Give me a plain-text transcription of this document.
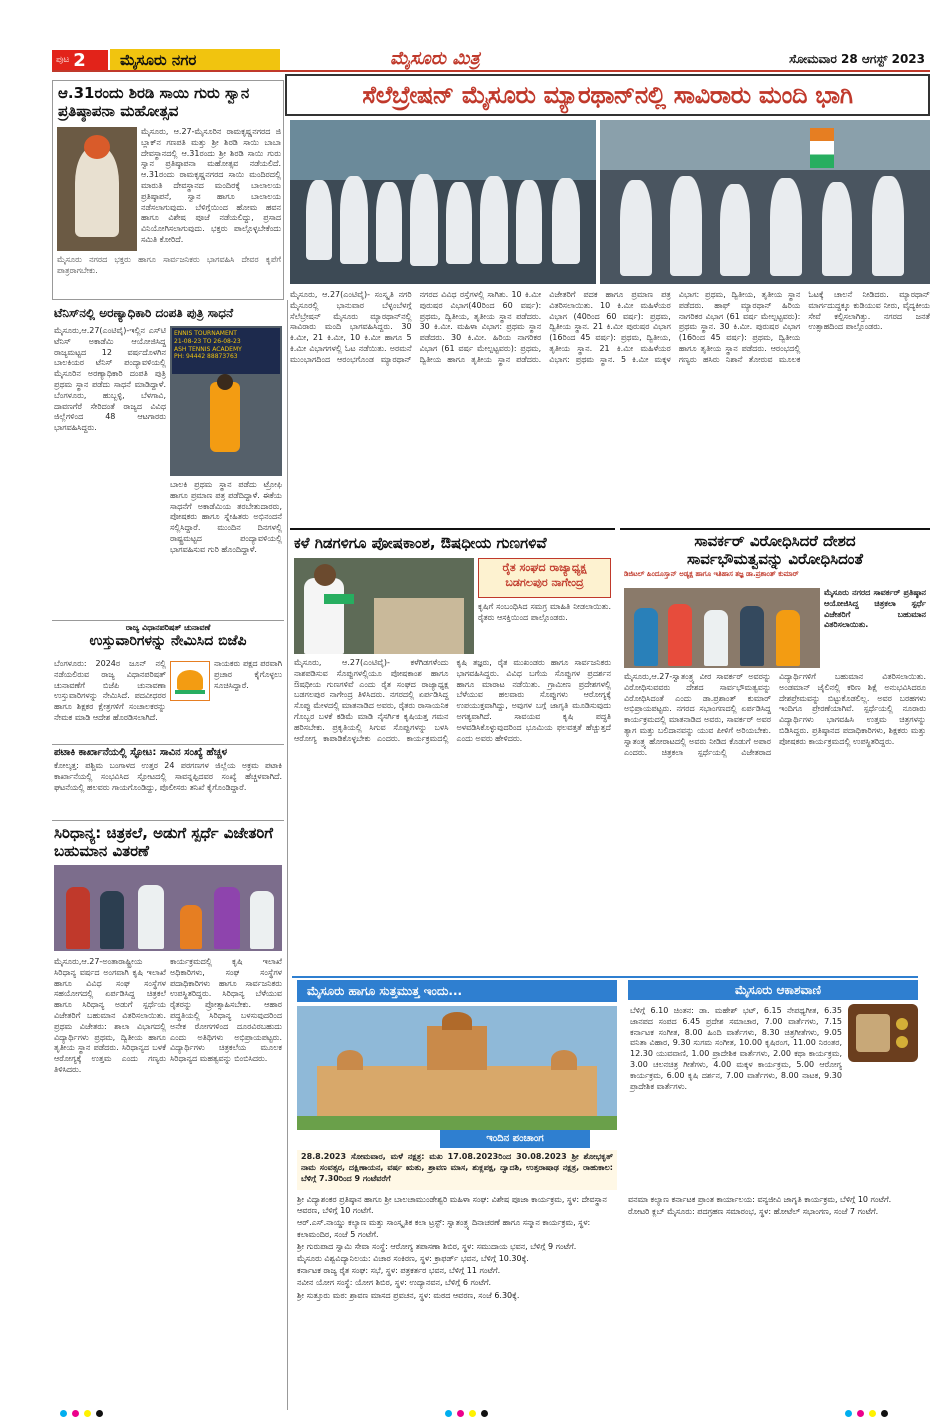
ಪುಟ 2	ಮೈಸೂರು ನಗರ	ಮೈಸೂರು ಮಿತ್ರ	ಸೋಮವಾರ 28 ಆಗಸ್ಟ್ 2023
ಆ.31ರಂದು ಶಿರಡಿ ಸಾಯಿ ಗುರು ಸ್ವಾನ ಪ್ರತಿಷ್ಠಾಪನಾ ಮಹೋತ್ಸವ
ಮೈಸೂರು, ಆ.27-ಮೈಸೂರಿನ ರಾಮಕೃಷ್ಣನಗರದ ಜಿ ಬ್ಲಾಕ್‌ನ ಗಣಪತಿ ಮತ್ತು ಶ್ರೀ ಶಿರಡಿ ಸಾಯಿ ಬಾಬಾ ದೇವಸ್ಥಾನದಲ್ಲಿ ಆ.31ರಂದು ಶ್ರೀ ಶಿರಡಿ ಸಾಯಿ ಗುರು ಸ್ವಾನ ಪ್ರತಿಷ್ಠಾಪನಾ ಮಹೋತ್ಸವ ನಡೆಯಲಿದೆ. ಆ.31ರಂದು ರಾಮಕೃಷ್ಣನಗರದ ಸಾಯಿ ಮಂದಿರದಲ್ಲಿ ಮಾರುತಿ ದೇವಸ್ಥಾನದ ಮಂದಿರಕ್ಕೆ ಬಾಲಾಲಯ ಪ್ರತಿಷ್ಠಾಪನೆ, ಸ್ವಾನ ಹಾಗೂ ಬಾಲಾಲಯ ನಡೆಸಲಾಗುವುದು. ಬೆಳಿಗ್ಗೆಯಿಂದ ಹೋಮ ಹವನ ಹಾಗೂ ವಿಶೇಷ ಪೂಜೆ ನಡೆಯಲಿದ್ದು, ಪ್ರಸಾದ ವಿನಿಯೋಗಿಸಲಾಗುವುದು. ಭಕ್ತರು ಪಾಲ್ಗೊಳ್ಳಬೇಕೆಂದು ಸಮಿತಿ ಕೋರಿದೆ.
ಮೈಸೂರು ನಗರದ ಭಕ್ತರು ಹಾಗೂ ಸಾರ್ವಜನಿಕರು ಭಾಗವಹಿಸಿ ದೇವರ ಕೃಪೆಗೆ ಪಾತ್ರರಾಗಬೇಕು.
ಟೆನಿಸ್‌ನಲ್ಲಿ ಅರಣ್ಯಾಧಿಕಾರಿ ದಂಪತಿ ಪುತ್ರಿ ಸಾಧನೆ
ಮೈಸೂರು,ಆ.27(ಎಂಟಿವೈ)-ಇಲ್ಲಿನ ಎಸ್‌ಟಿ ಟೆನಿಸ್ ಅಕಾಡೆಮಿ ಆಯೋಜಿಸಿದ್ದ ರಾಜ್ಯಮಟ್ಟದ 12 ವರ್ಷದೊಳಗಿನ ಬಾಲಕಿಯರ ಟೆನಿಸ್ ಪಂದ್ಯಾವಳಿಯಲ್ಲಿ ಮೈಸೂರಿನ ಅರಣ್ಯಾಧಿಕಾರಿ ದಂಪತಿ ಪುತ್ರಿ ಪ್ರಥಮ ಸ್ಥಾನ ಪಡೆದು ಸಾಧನೆ ಮಾಡಿದ್ದಾಳೆ. ಬೆಂಗಳೂರು, ಹುಬ್ಬಳ್ಳಿ, ಬೆಳಗಾವಿ, ದಾವಣಗೆರೆ ಸೇರಿದಂತೆ ರಾಜ್ಯದ ವಿವಿಧ ಜಿಲ್ಲೆಗಳಿಂದ 48 ಆಟಗಾರರು ಭಾಗವಹಿಸಿದ್ದರು.
ENNIS TOURNAMENT
21-08-23 TO 26-08-23
ASH TENNIS ACADEMY
PH: 94442 88873763
ಬಾಲಕಿ ಪ್ರಥಮ ಸ್ಥಾನ ಪಡೆದು ಟ್ರೋಫಿ ಹಾಗೂ ಪ್ರಮಾಣ ಪತ್ರ ಪಡೆದಿದ್ದಾಳೆ. ಈಕೆಯ ಸಾಧನೆಗೆ ಅಕಾಡೆಮಿಯ ತರಬೇತುದಾರರು, ಪೋಷಕರು ಹಾಗೂ ಸ್ನೇಹಿತರು ಅಭಿನಂದನೆ ಸಲ್ಲಿಸಿದ್ದಾರೆ. ಮುಂದಿನ ದಿನಗಳಲ್ಲಿ ರಾಷ್ಟ್ರಮಟ್ಟದ ಪಂದ್ಯಾವಳಿಯಲ್ಲಿ ಭಾಗವಹಿಸುವ ಗುರಿ ಹೊಂದಿದ್ದಾಳೆ.
ರಾಜ್ಯ ವಿಧಾನಪರಿಷತ್ ಚುನಾವಣೆ
ಉಸ್ತುವಾರಿಗಳನ್ನು ನೇಮಿಸಿದ ಬಿಜೆಪಿ
ಬೆಂಗಳೂರು: 2024ರ ಜೂನ್ ನಲ್ಲಿ ನಡೆಯಲಿರುವ ರಾಜ್ಯ ವಿಧಾನಪರಿಷತ್ ಚುನಾವಣೆಗೆ ಬಿಜೆಪಿ ಚುನಾವಣಾ ಉಸ್ತುವಾರಿಗಳನ್ನು ನೇಮಿಸಿದೆ. ಪದವೀಧರರ ಹಾಗೂ ಶಿಕ್ಷಕರ ಕ್ಷೇತ್ರಗಳಿಗೆ ಸಂಚಾಲಕರನ್ನು ನೇಮಕ ಮಾಡಿ ಆದೇಶ ಹೊರಡಿಸಲಾಗಿದೆ.
ನಾಯಕರು ಪಕ್ಷದ ಪರವಾಗಿ ಪ್ರಚಾರ ಕೈಗೊಳ್ಳಲು ಸೂಚಿಸಿದ್ದಾರೆ.
ಪಟಾಕಿ ಕಾರ್ಖಾನೆಯಲ್ಲಿ ಸ್ಫೋಟ: ಸಾವಿನ ಸಂಖ್ಯೆ ಹೆಚ್ಚಳ
ಕೋಲ್ಕತ್ತ: ಪಶ್ಚಿಮ ಬಂಗಾಳದ ಉತ್ತರ 24 ಪರಗಣಗಳ ಜಿಲ್ಲೆಯ ಅಕ್ರಮ ಪಟಾಕಿ ಕಾರ್ಖಾನೆಯಲ್ಲಿ ಸಂಭವಿಸಿದ ಸ್ಫೋಟದಲ್ಲಿ ಸಾವನ್ನಪ್ಪಿದವರ ಸಂಖ್ಯೆ ಹೆಚ್ಚಳವಾಗಿದೆ. ಘಟನೆಯಲ್ಲಿ ಹಲವರು ಗಾಯಗೊಂಡಿದ್ದು, ಪೊಲೀಸರು ತನಿಖೆ ಕೈಗೊಂಡಿದ್ದಾರೆ.
ಸಿರಿಧಾನ್ಯ: ಚಿತ್ರಕಲೆ, ಅಡುಗೆ ಸ್ಪರ್ಧೆ ವಿಜೇತರಿಗೆ ಬಹುಮಾನ ವಿತರಣೆ
ಮೈಸೂರು,ಆ.27-ಅಂತಾರಾಷ್ಟ್ರೀಯ ಸಿರಿಧಾನ್ಯ ವರ್ಷದ ಅಂಗವಾಗಿ ಕೃಷಿ ಇಲಾಖೆ ಹಾಗೂ ವಿವಿಧ ಸಂಘ ಸಂಸ್ಥೆಗಳ ಸಹಯೋಗದಲ್ಲಿ ಏರ್ಪಡಿಸಿದ್ದ ಚಿತ್ರಕಲೆ ಹಾಗೂ ಸಿರಿಧಾನ್ಯ ಅಡುಗೆ ಸ್ಪರ್ಧೆಯ ವಿಜೇತರಿಗೆ ಬಹುಮಾನ ವಿತರಿಸಲಾಯಿತು. ಪ್ರಥಮ ವಿಜೇತರು: ಶಾಲಾ ವಿಭಾಗದಲ್ಲಿ ವಿದ್ಯಾರ್ಥಿಗಳು ಪ್ರಥಮ, ದ್ವಿತೀಯ ಹಾಗೂ ತೃತೀಯ ಸ್ಥಾನ ಪಡೆದರು. ಸಿರಿಧಾನ್ಯದ ಬಳಕೆ ಆರೋಗ್ಯಕ್ಕೆ ಉತ್ತಮ ಎಂದು ಗಣ್ಯರು ತಿಳಿಸಿದರು.
ಕಾರ್ಯಕ್ರಮದಲ್ಲಿ ಕೃಷಿ ಇಲಾಖೆ ಅಧಿಕಾರಿಗಳು, ಸಂಘ ಸಂಸ್ಥೆಗಳ ಪದಾಧಿಕಾರಿಗಳು ಹಾಗೂ ಸಾರ್ವಜನಿಕರು ಉಪಸ್ಥಿತರಿದ್ದರು. ಸಿರಿಧಾನ್ಯ ಬೆಳೆಯುವ ರೈತರನ್ನು ಪ್ರೋತ್ಸಾಹಿಸಬೇಕು. ಆಹಾರ ಪದ್ಧತಿಯಲ್ಲಿ ಸಿರಿಧಾನ್ಯ ಬಳಸುವುದರಿಂದ ಅನೇಕ ರೋಗಗಳಿಂದ ದೂರವಿರಬಹುದು ಎಂದು ಅತಿಥಿಗಳು ಅಭಿಪ್ರಾಯಪಟ್ಟರು. ವಿದ್ಯಾರ್ಥಿಗಳು ಚಿತ್ರಕಲೆಯ ಮೂಲಕ ಸಿರಿಧಾನ್ಯದ ಮಹತ್ವವನ್ನು ಬಿಂಬಿಸಿದರು.
ಸೆಲೆಬ್ರೇಷನ್ ಮೈಸೂರು ಮ್ಯಾರಥಾನ್‌ನಲ್ಲಿ ಸಾವಿರಾರು ಮಂದಿ ಭಾಗಿ
ಮೈಸೂರು, ಆ.27(ಎಂಟಿವೈ)- ಸಂಸ್ಕೃತಿ ನಗರಿ ಮೈಸೂರಲ್ಲಿ ಭಾನುವಾರ ಬೆಳ್ಳಂಬೆಳಗ್ಗೆ ಸೆಲೆಬ್ರೇಷನ್ ಮೈಸೂರು ಮ್ಯಾರಥಾನ್‌ನಲ್ಲಿ ಸಾವಿರಾರು ಮಂದಿ ಭಾಗವಹಿಸಿದ್ದರು. 30 ಕಿ.ಮೀ, 21 ಕಿ.ಮೀ, 10 ಕಿ.ಮೀ ಹಾಗೂ 5 ಕಿ.ಮೀ ವಿಭಾಗಗಳಲ್ಲಿ ಓಟ ನಡೆಯಿತು. ಅರಮನೆ ಮುಂಭಾಗದಿಂದ ಆರಂಭಗೊಂಡ ಮ್ಯಾರಥಾನ್ ನಗರದ ವಿವಿಧ ರಸ್ತೆಗಳಲ್ಲಿ ಸಾಗಿತು. 10 ಕಿ.ಮೀ ಪುರುಷರ ವಿಭಾಗ(40ರಿಂದ 60 ವರ್ಷ): ಪ್ರಥಮ, ದ್ವಿತೀಯ, ತೃತೀಯ ಸ್ಥಾನ ಪಡೆದರು. 30 ಕಿ.ಮೀ. ಮಹಿಳಾ ವಿಭಾಗ: ಪ್ರಥಮ ಸ್ಥಾನ ಪಡೆದರು. 30 ಕಿ.ಮೀ. ಹಿರಿಯ ನಾಗರಿಕರ ವಿಭಾಗ (61 ವರ್ಷ ಮೇಲ್ಪಟ್ಟವರು): ಪ್ರಥಮ, ದ್ವಿತೀಯ ಹಾಗೂ ತೃತೀಯ ಸ್ಥಾನ ಪಡೆದರು. ವಿಜೇತರಿಗೆ ಪದಕ ಹಾಗೂ ಪ್ರಮಾಣ ಪತ್ರ ವಿತರಿಸಲಾಯಿತು. 10 ಕಿ.ಮೀ ಮಹಿಳೆಯರ ವಿಭಾಗ (40ರಿಂದ 60 ವರ್ಷ): ಪ್ರಥಮ, ದ್ವಿತೀಯ ಸ್ಥಾನ. 21 ಕಿ.ಮೀ ಪುರುಷರ ವಿಭಾಗ (16ರಿಂದ 45 ವರ್ಷ): ಪ್ರಥಮ, ದ್ವಿತೀಯ, ತೃತೀಯ ಸ್ಥಾನ. 21 ಕಿ.ಮೀ ಮಹಿಳೆಯರ ವಿಭಾಗ: ಪ್ರಥಮ ಸ್ಥಾನ. 5 ಕಿ.ಮೀ ಮಕ್ಕಳ ವಿಭಾಗ: ಪ್ರಥಮ, ದ್ವಿತೀಯ, ತೃತೀಯ ಸ್ಥಾನ ಪಡೆದರು. ಹಾಫ್ ಮ್ಯಾರಥಾನ್ ಹಿರಿಯ ನಾಗರಿಕರ ವಿಭಾಗ (61 ವರ್ಷ ಮೇಲ್ಪಟ್ಟವರು): ಪ್ರಥಮ ಸ್ಥಾನ. 30 ಕಿ.ಮೀ. ಪುರುಷರ ವಿಭಾಗ (16ರಿಂದ 45 ವರ್ಷ): ಪ್ರಥಮ, ದ್ವಿತೀಯ ಹಾಗೂ ತೃತೀಯ ಸ್ಥಾನ ಪಡೆದರು. ಆರಂಭದಲ್ಲಿ ಗಣ್ಯರು ಹಸಿರು ನಿಶಾನೆ ತೋರುವ ಮೂಲಕ ಓಟಕ್ಕೆ ಚಾಲನೆ ನೀಡಿದರು. ಮ್ಯಾರಥಾನ್ ಮಾರ್ಗದುದ್ದಕ್ಕೂ ಕುಡಿಯುವ ನೀರು, ವೈದ್ಯಕೀಯ ಸೇವೆ ಕಲ್ಪಿಸಲಾಗಿತ್ತು. ನಗರದ ಜನತೆ ಉತ್ಸಾಹದಿಂದ ಪಾಲ್ಗೊಂಡರು.
ಕಳೆ ಗಿಡಗಳಿಗೂ ಪೋಷಕಾಂಶ, ಔಷಧೀಯ ಗುಣಗಳಿವೆ
ರೈತ ಸಂಘದ ರಾಜ್ಯಾಧ್ಯಕ್ಷ ಬಡಗಲಪುರ ನಾಗೇಂದ್ರ
ಕೃಷಿಗೆ ಸಂಬಂಧಿಸಿದ ಸಮಗ್ರ ಮಾಹಿತಿ ನೀಡಲಾಯಿತು. ರೈತರು ಆಸಕ್ತಿಯಿಂದ ಪಾಲ್ಗೊಂಡರು.
ಮೈಸೂರು, ಆ.27(ಎಂಟಿವೈ)- ಕಳೆಗಿಡಗಳೆಂದು ನಾಶಪಡಿಸುವ ಸೊಪ್ಪುಗಳಲ್ಲಿಯೂ ಪೋಷಕಾಂಶ ಹಾಗೂ ಔಷಧೀಯ ಗುಣಗಳಿವೆ ಎಂದು ರೈತ ಸಂಘದ ರಾಜ್ಯಾಧ್ಯಕ್ಷ ಬಡಗಲಪುರ ನಾಗೇಂದ್ರ ತಿಳಿಸಿದರು. ನಗರದಲ್ಲಿ ಏರ್ಪಡಿಸಿದ್ದ ಸೊಪ್ಪು ಮೇಳದಲ್ಲಿ ಮಾತನಾಡಿದ ಅವರು, ರೈತರು ರಾಸಾಯನಿಕ ಗೊಬ್ಬರ ಬಳಕೆ ಕಡಿಮೆ ಮಾಡಿ ನೈಸರ್ಗಿಕ ಕೃಷಿಯತ್ತ ಗಮನ ಹರಿಸಬೇಕು. ಪ್ರಕೃತಿಯಲ್ಲಿ ಸಿಗುವ ಸೊಪ್ಪುಗಳನ್ನು ಬಳಸಿ ಆರೋಗ್ಯ ಕಾಪಾಡಿಕೊಳ್ಳಬೇಕು ಎಂದರು. ಕಾರ್ಯಕ್ರಮದಲ್ಲಿ ಕೃಷಿ ತಜ್ಞರು, ರೈತ ಮುಖಂಡರು ಹಾಗೂ ಸಾರ್ವಜನಿಕರು ಭಾಗವಹಿಸಿದ್ದರು. ವಿವಿಧ ಬಗೆಯ ಸೊಪ್ಪುಗಳ ಪ್ರದರ್ಶನ ಹಾಗೂ ಮಾರಾಟ ನಡೆಯಿತು. ಗ್ರಾಮೀಣ ಪ್ರದೇಶಗಳಲ್ಲಿ ಬೆಳೆಯುವ ಹಲವಾರು ಸೊಪ್ಪುಗಳು ಆರೋಗ್ಯಕ್ಕೆ ಉಪಯುಕ್ತವಾಗಿದ್ದು, ಅವುಗಳ ಬಗ್ಗೆ ಜಾಗೃತಿ ಮೂಡಿಸುವುದು ಅಗತ್ಯವಾಗಿದೆ. ಸಾವಯವ ಕೃಷಿ ಪದ್ಧತಿ ಅಳವಡಿಸಿಕೊಳ್ಳುವುದರಿಂದ ಭೂಮಿಯ ಫಲವತ್ತತೆ ಹೆಚ್ಚುತ್ತದೆ ಎಂದು ಅವರು ಹೇಳಿದರು.
ಸಾವರ್ಕರ್ ವಿರೋಧಿಸಿದರೆ ದೇಶದ
ಸಾರ್ವಭೌಮತ್ವವನ್ನು ವಿರೋಧಿಸಿದಂತೆ
ಡಿಜಿಟಲ್ ಹಿಂದೂಸ್ತಾನ್ ಅಡ್ಯಕ್ಷ ಹಾಗೂ ಇತಿಹಾಸ ತಜ್ಞ ಡಾ.ಪ್ರಶಾಂತ್ ಕುಮಾರ್
ಮೈಸೂರು ನಗರದ ಸಾವರ್ಕರ್ ಪ್ರತಿಷ್ಠಾನ ಆಯೋಜಿಸಿದ್ದ ಚಿತ್ರಕಲಾ ಸ್ಪರ್ಧೆ ವಿಜೇತರಿಗೆ ಬಹುಮಾನ ವಿತರಿಸಲಾಯಿತು.
ಮೈಸೂರು,ಆ.27-ಸ್ವಾತಂತ್ರ್ಯ ವೀರ ಸಾವರ್ಕರ್ ಅವರನ್ನು ವಿರೋಧಿಸುವವರು ದೇಶದ ಸಾರ್ವಭೌಮತ್ವವನ್ನು ವಿರೋಧಿಸಿದಂತೆ ಎಂದು ಡಾ.ಪ್ರಶಾಂತ್ ಕುಮಾರ್ ಅಭಿಪ್ರಾಯಪಟ್ಟರು. ನಗರದ ಸಭಾಂಗಣದಲ್ಲಿ ಏರ್ಪಡಿಸಿದ್ದ ಕಾರ್ಯಕ್ರಮದಲ್ಲಿ ಮಾತನಾಡಿದ ಅವರು, ಸಾವರ್ಕರ್ ಅವರ ತ್ಯಾಗ ಮತ್ತು ಬಲಿದಾನವನ್ನು ಯುವ ಪೀಳಿಗೆ ಅರಿಯಬೇಕು. ಸ್ವಾತಂತ್ರ್ಯ ಹೋರಾಟದಲ್ಲಿ ಅವರು ನೀಡಿದ ಕೊಡುಗೆ ಅಪಾರ ಎಂದರು. ಚಿತ್ರಕಲಾ ಸ್ಪರ್ಧೆಯಲ್ಲಿ ವಿಜೇತರಾದ ವಿದ್ಯಾರ್ಥಿಗಳಿಗೆ ಬಹುಮಾನ ವಿತರಿಸಲಾಯಿತು. ಅಂಡಮಾನ್ ಜೈಲಿನಲ್ಲಿ ಕಠಿಣ ಶಿಕ್ಷೆ ಅನುಭವಿಸಿದರೂ ದೇಶಪ್ರೇಮವನ್ನು ಬಿಟ್ಟುಕೊಡಲಿಲ್ಲ. ಅವರ ಬರಹಗಳು ಇಂದಿಗೂ ಪ್ರೇರಣೆಯಾಗಿವೆ. ಸ್ಪರ್ಧೆಯಲ್ಲಿ ನೂರಾರು ವಿದ್ಯಾರ್ಥಿಗಳು ಭಾಗವಹಿಸಿ ಉತ್ತಮ ಚಿತ್ರಗಳನ್ನು ಬಿಡಿಸಿದ್ದರು. ಪ್ರತಿಷ್ಠಾನದ ಪದಾಧಿಕಾರಿಗಳು, ಶಿಕ್ಷಕರು ಮತ್ತು ಪೋಷಕರು ಕಾರ್ಯಕ್ರಮದಲ್ಲಿ ಉಪಸ್ಥಿತರಿದ್ದರು.
ಮೈಸೂರು ಹಾಗೂ ಸುತ್ತಮುತ್ತ ಇಂದು...
ಇಂದಿನ ಪಂಚಾಂಗ
28.8.2023 ಸೋಮವಾರ, ಮಳೆ ನಕ್ಷತ್ರ: ಮಖ 17.08.2023ರಿಂದ 30.08.2023 ಶ್ರೀ ಶೋಭಕೃತ್ ನಾಮ ಸಂವತ್ಸರ, ದಕ್ಷಿಣಾಯನ, ವರ್ಷ ಋತು, ಶ್ರಾವಣ ಮಾಸ, ಶುಕ್ಲಪಕ್ಷ, ದ್ವಾದಶಿ, ಉತ್ತರಾಷಾಢ ನಕ್ಷತ್ರ, ರಾಹುಕಾಲ: ಬೆಳಿಗ್ಗೆ 7.30ರಿಂದ 9 ಗಂಟೆವರೆಗೆ
ಶ್ರೀ ವಿದ್ಯಾಶಂಕರ ಪ್ರತಿಷ್ಠಾನ ಹಾಗೂ ಶ್ರೀ ಬಾಲಚಾಮುಂಡೇಶ್ವರಿ ಮಹಿಳಾ ಸಂಘ: ವಿಶೇಷ ಪೂಜಾ ಕಾರ್ಯಕ್ರಮ, ಸ್ಥಳ: ದೇವಸ್ಥಾನ ಆವರಣ, ಬೆಳಿಗ್ಗೆ 10 ಗಂಟೆಗೆ.
ಆರ್.ಎಸ್.ನಾಯ್ಡು ಕಲ್ಯಾಣ ಮತ್ತು ಸಾಂಸ್ಕೃತಿಕ ಕಲಾ ಟ್ರಸ್ಟ್: ಸ್ವಾತಂತ್ರ್ಯ ದಿನಾಚರಣೆ ಹಾಗೂ ಸನ್ಮಾನ ಕಾರ್ಯಕ್ರಮ, ಸ್ಥಳ: ಕಲಾಮಂದಿರ, ಸಂಜೆ 5 ಗಂಟೆಗೆ.
ಶ್ರೀ ಗುರುಪಾದ ಸ್ವಾಮಿ ಸೇವಾ ಸಂಸ್ಥೆ: ಆರೋಗ್ಯ ತಪಾಸಣಾ ಶಿಬಿರ, ಸ್ಥಳ: ಸಮುದಾಯ ಭವನ, ಬೆಳಿಗ್ಗೆ 9 ಗಂಟೆಗೆ.
ಮೈಸೂರು ವಿಶ್ವವಿದ್ಯಾನಿಲಯ: ವಿಚಾರ ಸಂಕಿರಣ, ಸ್ಥಳ: ಕ್ರಾಫರ್ಡ್ ಭವನ, ಬೆಳಿಗ್ಗೆ 10.30ಕ್ಕೆ.
ಕರ್ನಾಟಕ ರಾಜ್ಯ ರೈತ ಸಂಘ: ಸಭೆ, ಸ್ಥಳ: ಪತ್ರಕರ್ತರ ಭವನ, ಬೆಳಿಗ್ಗೆ 11 ಗಂಟೆಗೆ.
ನವೀನ ಯೋಗ ಸಂಸ್ಥೆ: ಯೋಗ ಶಿಬಿರ, ಸ್ಥಳ: ಉದ್ಯಾನವನ, ಬೆಳಿಗ್ಗೆ 6 ಗಂಟೆಗೆ.
ಶ್ರೀ ಸುತ್ತೂರು ಮಠ: ಶ್ರಾವಣ ಮಾಸದ ಪ್ರವಚನ, ಸ್ಥಳ: ಮಠದ ಆವರಣ, ಸಂಜೆ 6.30ಕ್ಕೆ.
ಮೈಸೂರು ಆಕಾಶವಾಣಿ
ಬೆಳಿಗ್ಗೆ 6.10 ಚಿಂತನ: ಡಾ. ಮಹೇಶ್ ಭಟ್, 6.15 ನೇಪಥ್ಯಗೀತ, 6.35 ಜಾನಪದ ಸಂಪದ 6.45 ಪ್ರದೇಶ ಸಮಾಚಾರ, 7.00 ವಾರ್ತೆಗಳು, 7.15 ಕರ್ನಾಟಕ ಸಂಗೀತ, 8.00 ಹಿಂದಿ ವಾರ್ತೆಗಳು, 8.30 ಚಿತ್ರಗೀತೆಗಳು, 9.05 ವನಿತಾ ವಿಹಾರ, 9.30 ಸುಗಮ ಸಂಗೀತ, 10.00 ಕೃಷಿರಂಗ, 11.00 ನಿರಂತರ, 12.30 ಯುವವಾಣಿ, 1.00 ಪ್ರಾದೇಶಿಕ ವಾರ್ತೆಗಳು, 2.00 ಕಥಾ ಕಾರ್ಯಕ್ರಮ, 3.00 ಚಲನಚಿತ್ರ ಗೀತೆಗಳು, 4.00 ಮಕ್ಕಳ ಕಾರ್ಯಕ್ರಮ, 5.00 ಆರೋಗ್ಯ ಕಾರ್ಯಕ್ರಮ, 6.00 ಕೃಷಿ ದರ್ಶನ, 7.00 ವಾರ್ತೆಗಳು, 8.00 ನಾಟಕ, 9.30 ಪ್ರಾದೇಶಿಕ ವಾರ್ತೆಗಳು.
ವನಮಾ ಕಲ್ಯಾಣ ಕರ್ನಾಟಕ ಪ್ರಾಂತ ಕಾರ್ಯಾಲಯ: ವನ್ಯಜೀವಿ ಜಾಗೃತಿ ಕಾರ್ಯಕ್ರಮ, ಬೆಳಿಗ್ಗೆ 10 ಗಂಟೆಗೆ.
ರೋಟರಿ ಕ್ಲಬ್ ಮೈಸೂರು: ಪದಗ್ರಹಣ ಸಮಾರಂಭ, ಸ್ಥಳ: ಹೋಟೆಲ್ ಸಭಾಂಗಣ, ಸಂಜೆ 7 ಗಂಟೆಗೆ.
